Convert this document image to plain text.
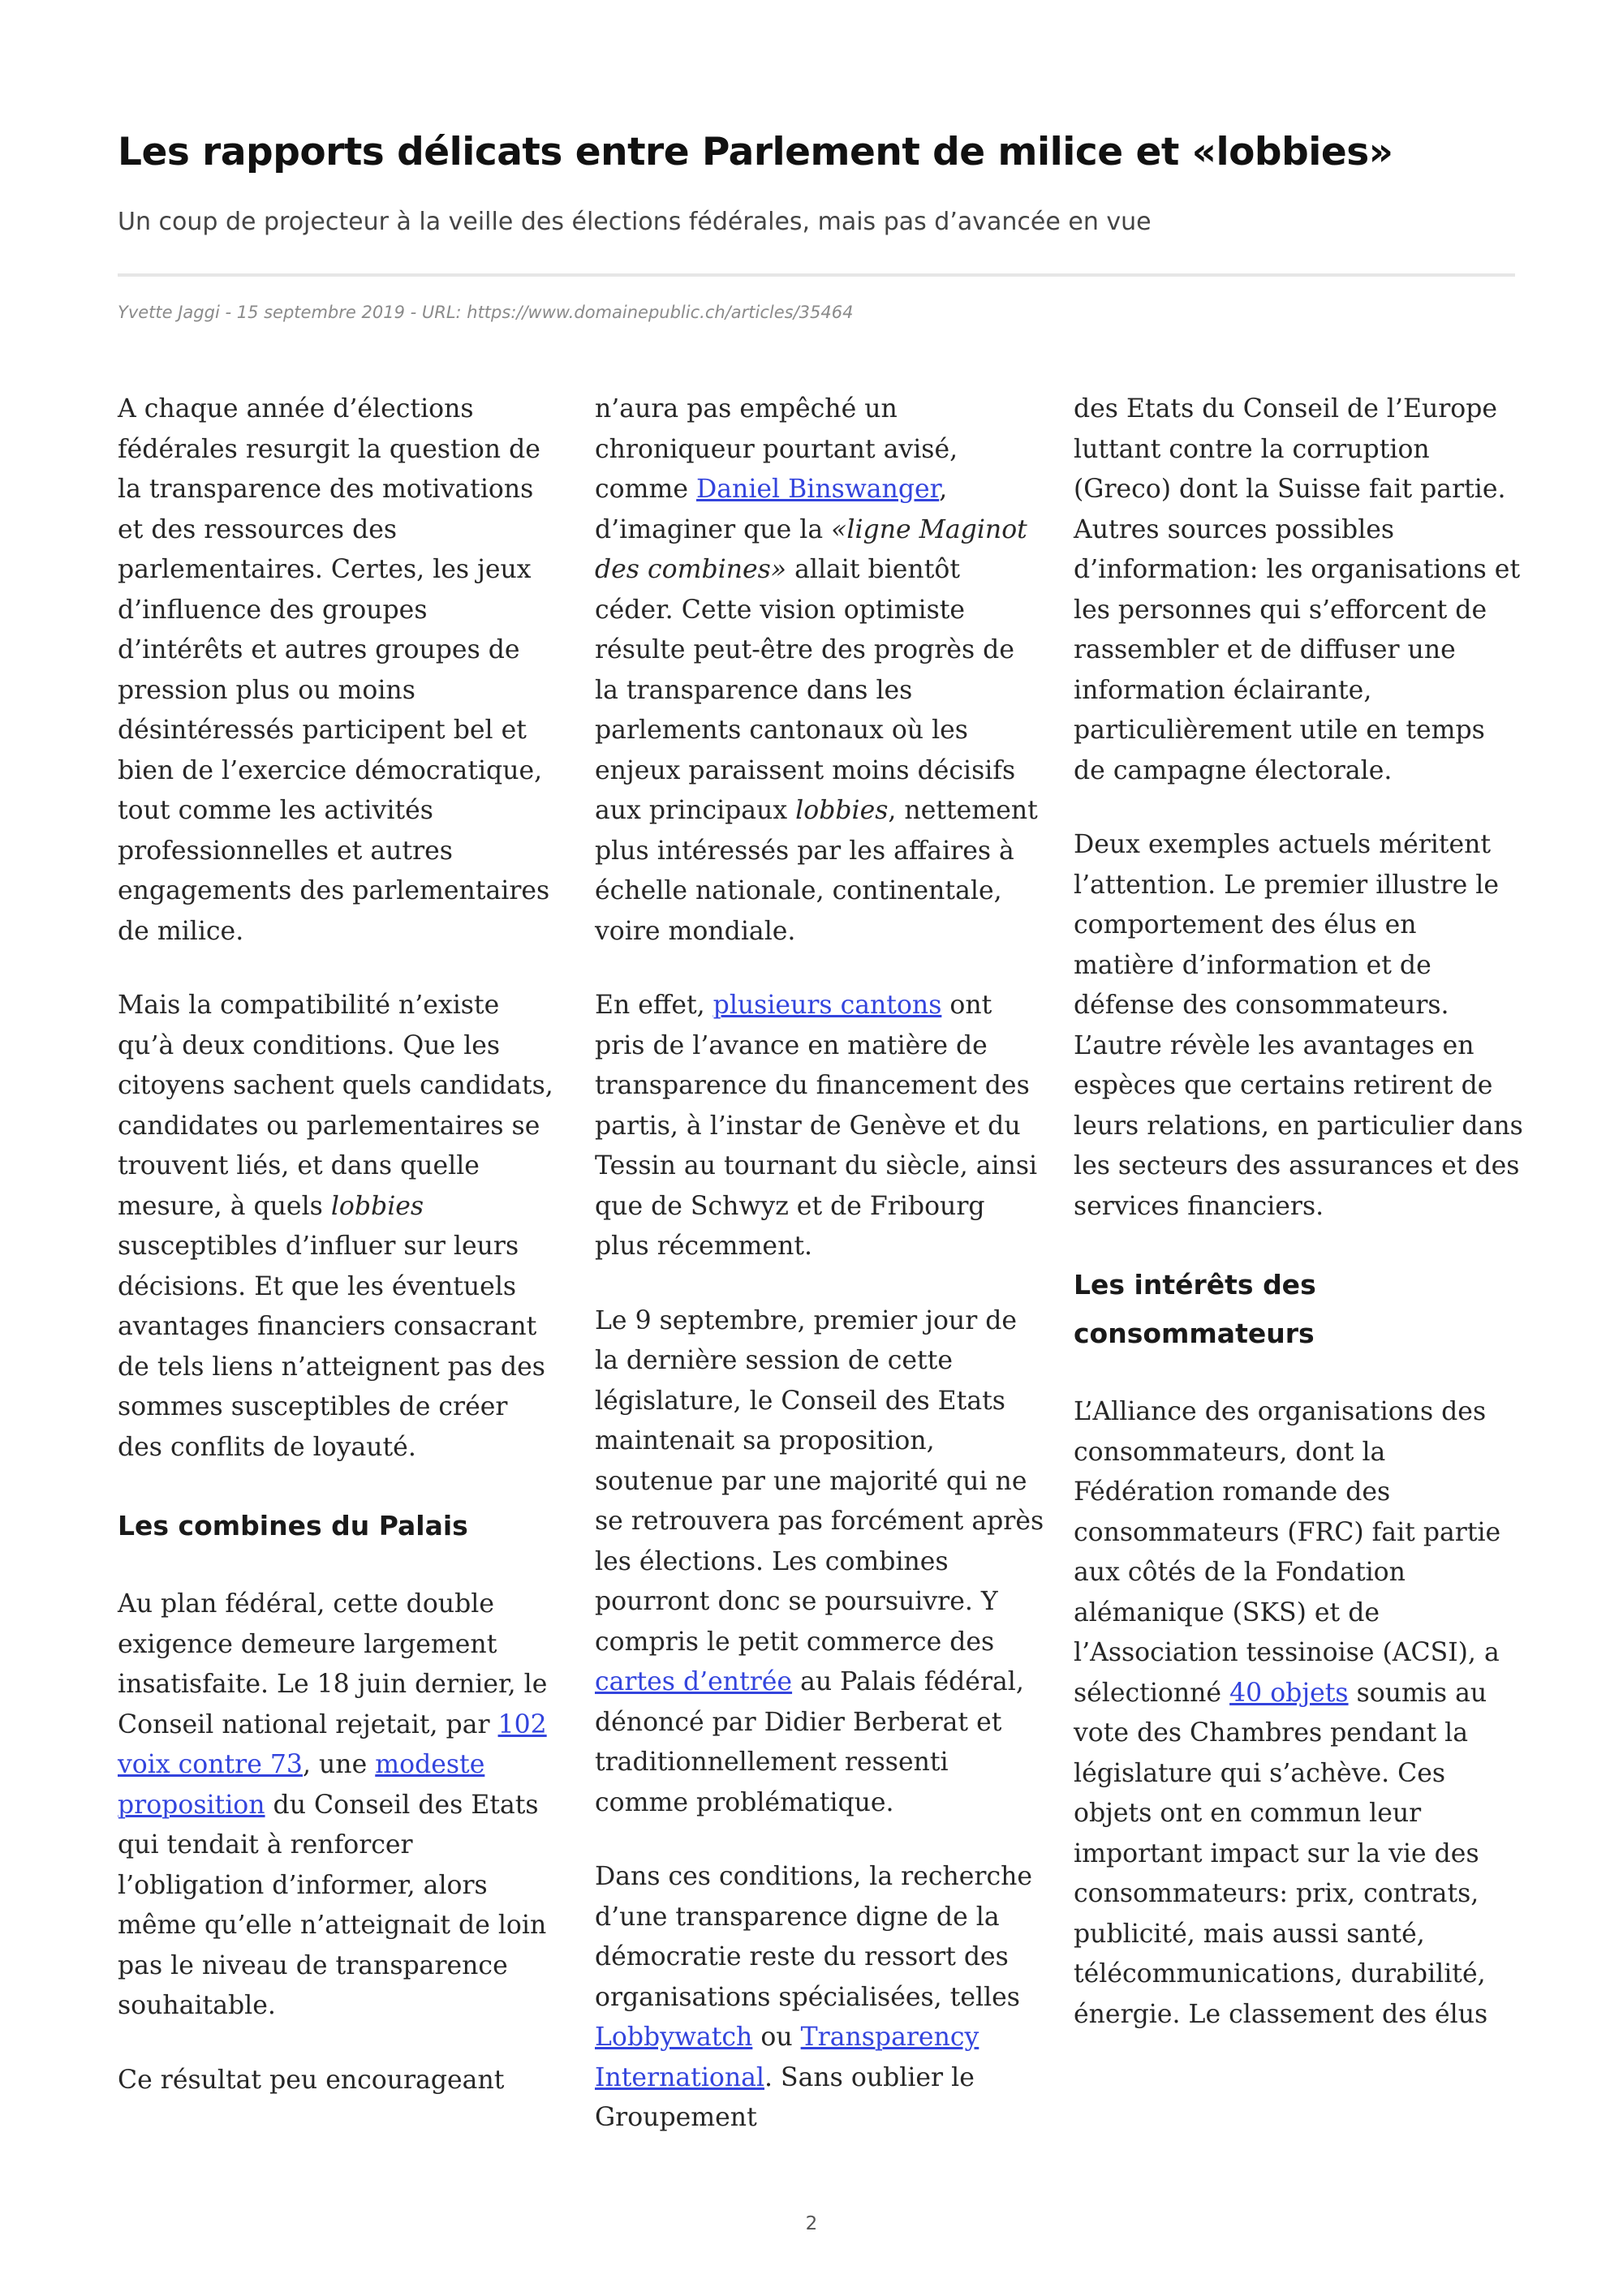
Les rapports délicats entre Parlement de milice et «lobbies»

Un coup de projecteur à la veille des élections fédérales, mais pas d’avancée en vue

Yvette Jaggi - 15 septembre 2019 - URL: https://www.domainepublic.ch/articles/35464

A chaque année d’élections fédérales resurgit la question de la transparence des motivations et des ressources des parlementaires. Certes, les jeux d’influence des groupes d’intérêts et autres groupes de pression plus ou moins désintéressés participent bel et bien de l’exercice démocratique, tout comme les activités professionnelles et autres engagements des parlementaires de milice.

Mais la compatibilité n’existe qu’à deux conditions. Que les citoyens sachent quels candidats, candidates ou parlementaires se trouvent liés, et dans quelle mesure, à quels lobbies susceptibles d’influer sur leurs décisions. Et que les éventuels avantages financiers consacrant de tels liens n’atteignent pas des sommes susceptibles de créer des conflits de loyauté.

Les combines du Palais

Au plan fédéral, cette double exigence demeure largement insatisfaite. Le 18 juin dernier, le Conseil national rejetait, par 102 voix contre 73, une modeste proposition du Conseil des Etats qui tendait à renforcer l’obligation d’informer, alors même qu’elle n’atteignait de loin pas le niveau de transparence souhaitable.

Ce résultat peu encourageant

n’aura pas empêché un chroniqueur pourtant avisé, comme Daniel Binswanger, d’imaginer que la «ligne Maginot des combines» allait bientôt céder. Cette vision optimiste résulte peut-être des progrès de la transparence dans les parlements cantonaux où les enjeux paraissent moins décisifs aux principaux lobbies, nettement plus intéressés par les affaires à échelle nationale, continentale, voire mondiale.

En effet, plusieurs cantons ont pris de l’avance en matière de transparence du financement des partis, à l’instar de Genève et du Tessin au tournant du siècle, ainsi que de Schwyz et de Fribourg plus récemment.

Le 9 septembre, premier jour de la dernière session de cette législature, le Conseil des Etats maintenait sa proposition, soutenue par une majorité qui ne se retrouvera pas forcément après les élections. Les combines pourront donc se poursuivre. Y compris le petit commerce des cartes d’entrée au Palais fédéral, dénoncé par Didier Berberat et traditionnellement ressenti comme problématique.

Dans ces conditions, la recherche d’une transparence digne de la démocratie reste du ressort des organisations spécialisées, telles Lobbywatch ou Transparency International. Sans oublier le Groupement

des Etats du Conseil de l’Europe luttant contre la corruption (Greco) dont la Suisse fait partie. Autres sources possibles d’information: les organisations et les personnes qui s’efforcent de rassembler et de diffuser une information éclairante, particulièrement utile en temps de campagne électorale.

Deux exemples actuels méritent l’attention. Le premier illustre le comportement des élus en matière d’information et de défense des consommateurs. L’autre révèle les avantages en espèces que certains retirent de leurs relations, en particulier dans les secteurs des assurances et des services financiers.

Les intérêts des consommateurs

L’Alliance des organisations des consommateurs, dont la Fédération romande des consommateurs (FRC) fait partie aux côtés de la Fondation alémanique (SKS) et de l’Association tessinoise (ACSI), a sélectionné 40 objets soumis au vote des Chambres pendant la législature qui s’achève. Ces objets ont en commun leur important impact sur la vie des consommateurs: prix, contrats, publicité, mais aussi santé, télécommunications, durabilité, énergie. Le classement des élus

2
